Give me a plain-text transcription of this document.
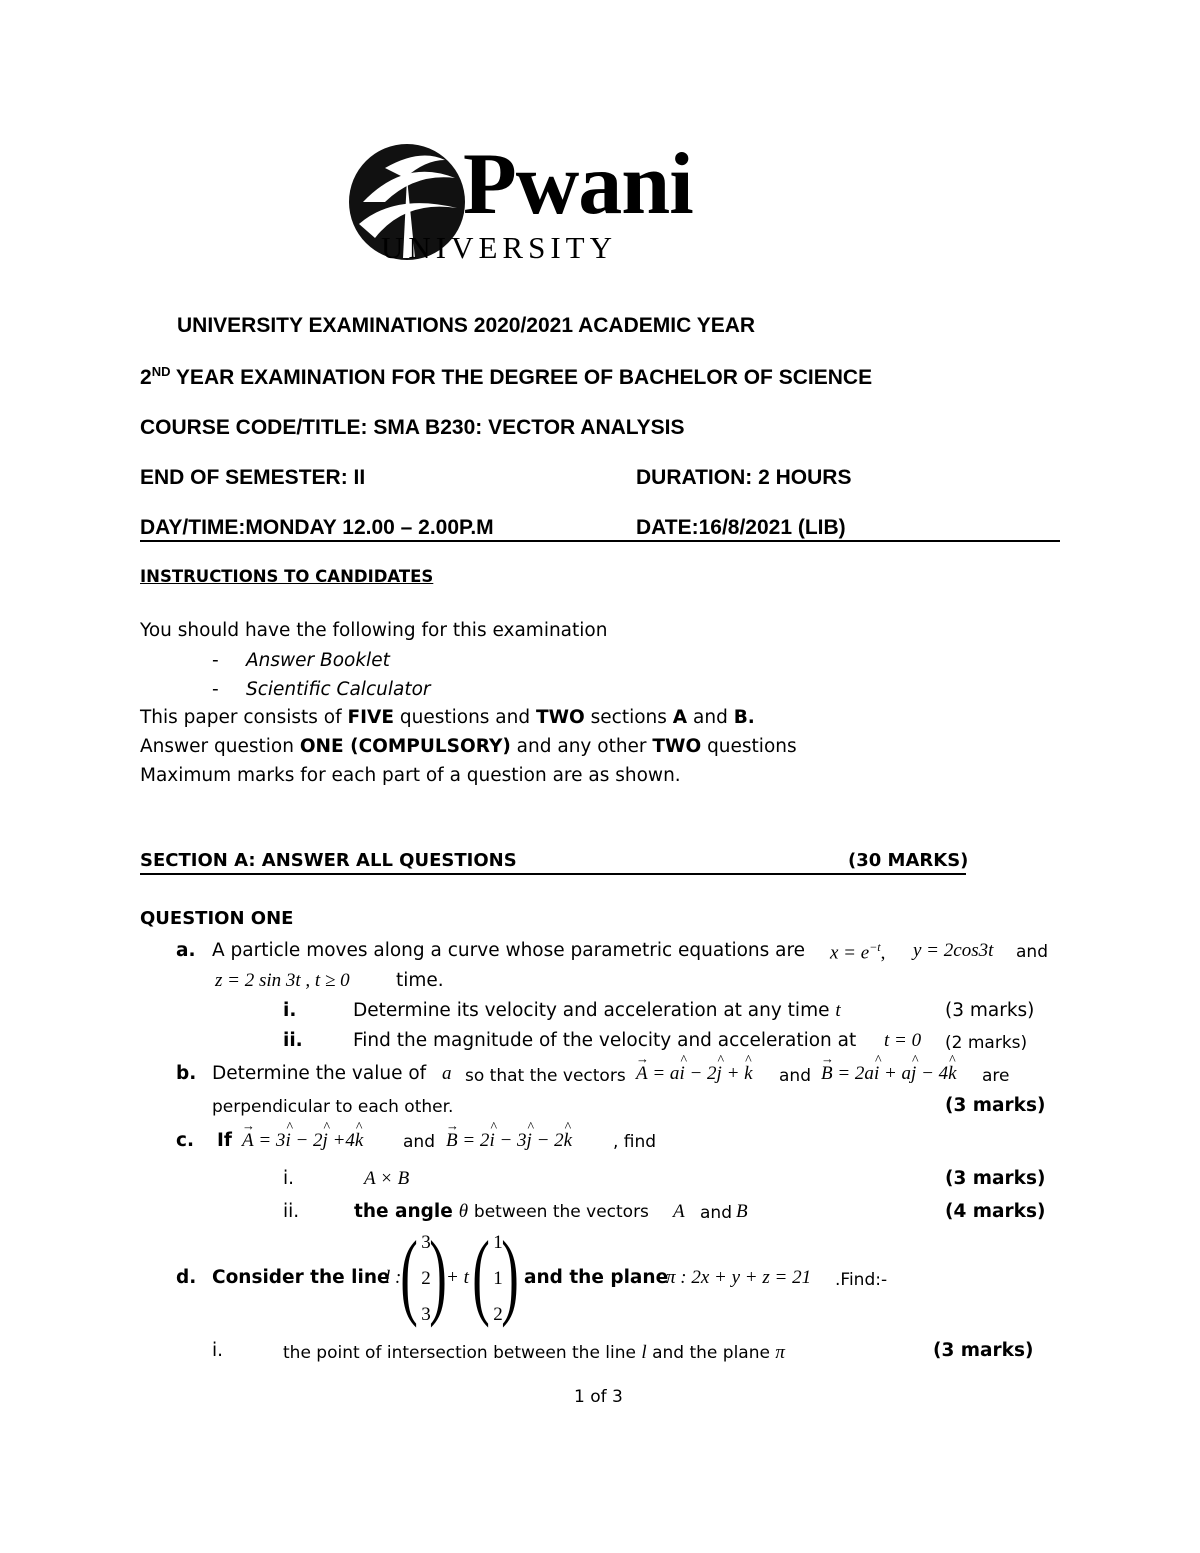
Pwani
UNIVERSITY
UNIVERSITY EXAMINATIONS 2020/2021 ACADEMIC YEAR
2ND YEAR EXAMINATION FOR THE DEGREE OF BACHELOR OF SCIENCE
COURSE CODE/TITLE: SMA B230: VECTOR ANALYSIS
END OF SEMESTER: II	DURATION: 2 HOURS
DAY/TIME:MONDAY 12.00 – 2.00P.M	DATE:16/8/2021 (LIB)
INSTRUCTIONS TO CANDIDATES
You should have the following for this examination
- Answer Booklet
- Scientific Calculator
This paper consists of FIVE questions and TWO sections A and B.
Answer question ONE (COMPULSORY) and any other TWO questions
Maximum marks for each part of a question are as shown.
SECTION A: ANSWER ALL QUESTIONS	(30 MARKS)
QUESTION ONE
a. A particle moves along a curve whose parametric equations are $x = e^{-t}$, y = 2cos3t and
z = 2 sin 3t , t ≥ 0	time.
i.	Determine its velocity and acceleration at any time t	(3 marks)
ii.	Find the magnitude of the velocity and acceleration at t = 0 (2 marks)
b. Determine the value of a so that the vectors → A = a^ i − 2^ j + ^ k and → B = 2a^ i + a^ j − 4^ k are
perpendicular to each other.	(3 marks)
c. If → A = 3^ i − 2^ j +4^ k and → B = 2^ i − 3^ j − 2^ k , find
i.	A × B	(3 marks)
ii.	the angle θ between the vectors A and B	(4 marks)
d. Consider the line
l :
( )
3
2
3
+ t ( )
1
1
2
and the plane
π : 2x + y + z = 21 .Find:-
i.	the point of intersection between the line l and the plane π	(3 marks)
1 of 3
